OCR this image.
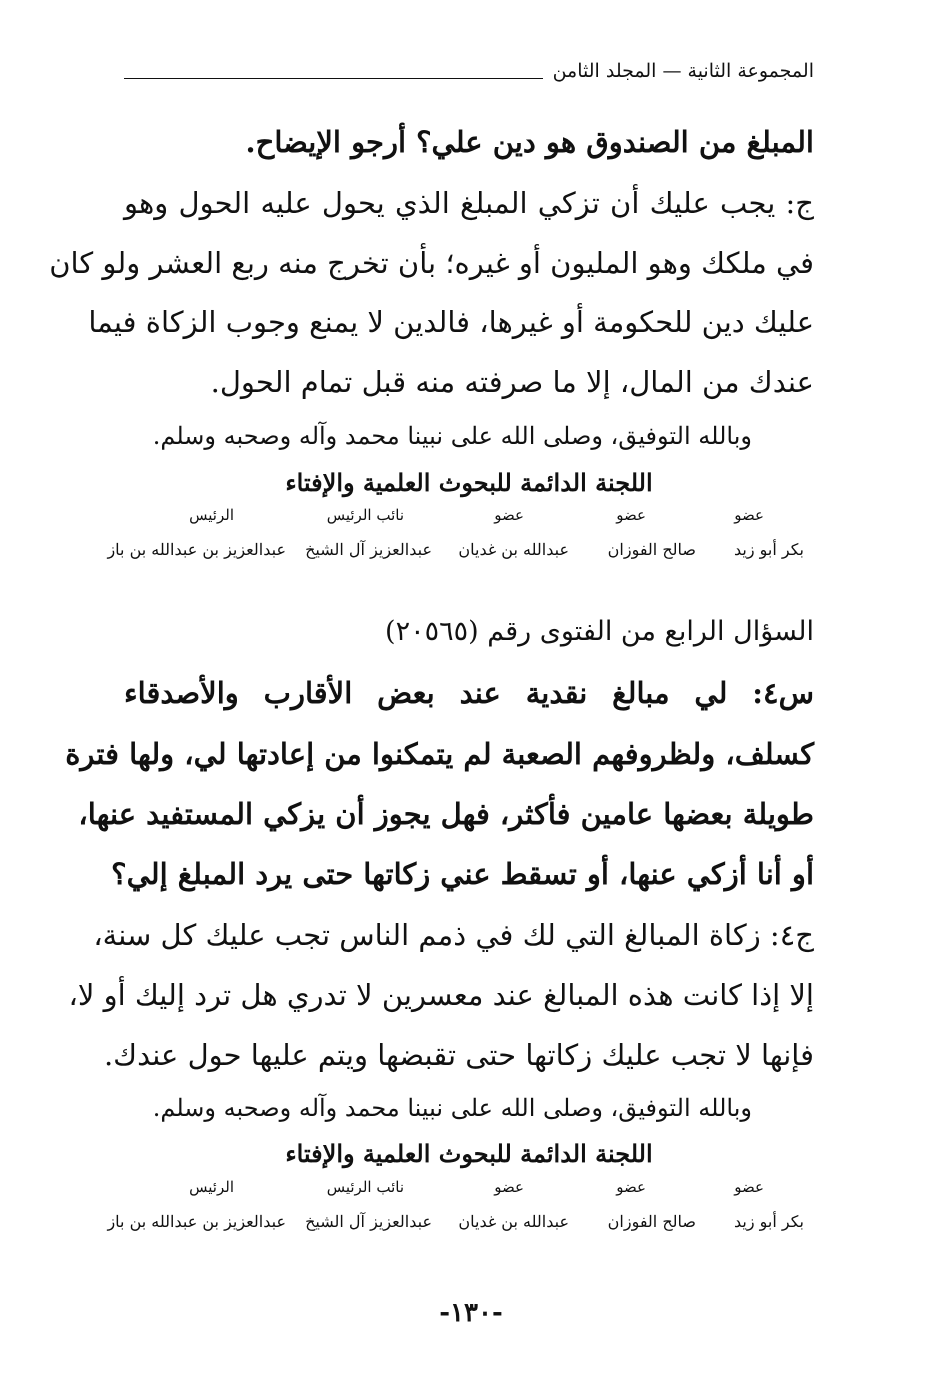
المجموعة الثانية — المجلد الثامن
المبلغ من الصندوق هو دين علي؟ أرجو الإيضاح.
ج: يجب عليك أن تزكي المبلغ الذي يحول عليه الحول وهو
في ملكك وهو المليون أو غيره؛ بأن تخرج منه ربع العشر ولو كان
عليك دين للحكومة أو غيرها، فالدين لا يمنع وجوب الزكاة فيما
عندك من المال، إلا ما صرفته منه قبل تمام الحول.
وبالله التوفيق، وصلى الله على نبينا محمد وآله وصحبه وسلم.
اللجنة الدائمة للبحوث العلمية والإفتاء
عضو
عضو
عضو
نائب الرئيس
الرئيس
بكر أبو زيد
صالح الفوزان
عبدالله بن غديان
عبدالعزيز آل الشيخ
عبدالعزيز بن عبدالله بن باز
السؤال الرابع من الفتوى رقم (٢٠٥٦٥)
س٤: لي مبالغ نقدية عند بعض الأقارب والأصدقاء
كسلف، ولظروفهم الصعبة لم يتمكنوا من إعادتها لي، ولها فترة
طويلة بعضها عامين فأكثر، فهل يجوز أن يزكي المستفيد عنها،
أو أنا أزكي عنها، أو تسقط عني زكاتها حتى يرد المبلغ إلي؟
ج٤: زكاة المبالغ التي لك في ذمم الناس تجب عليك كل سنة،
إلا إذا كانت هذه المبالغ عند معسرين لا تدري هل ترد إليك أو لا،
فإنها لا تجب عليك زكاتها حتى تقبضها ويتم عليها حول عندك.
وبالله التوفيق، وصلى الله على نبينا محمد وآله وصحبه وسلم.
اللجنة الدائمة للبحوث العلمية والإفتاء
عضو
عضو
عضو
نائب الرئيس
الرئيس
بكر أبو زيد
صالح الفوزان
عبدالله بن غديان
عبدالعزيز آل الشيخ
عبدالعزيز بن عبدالله بن باز
-١٣٠-
